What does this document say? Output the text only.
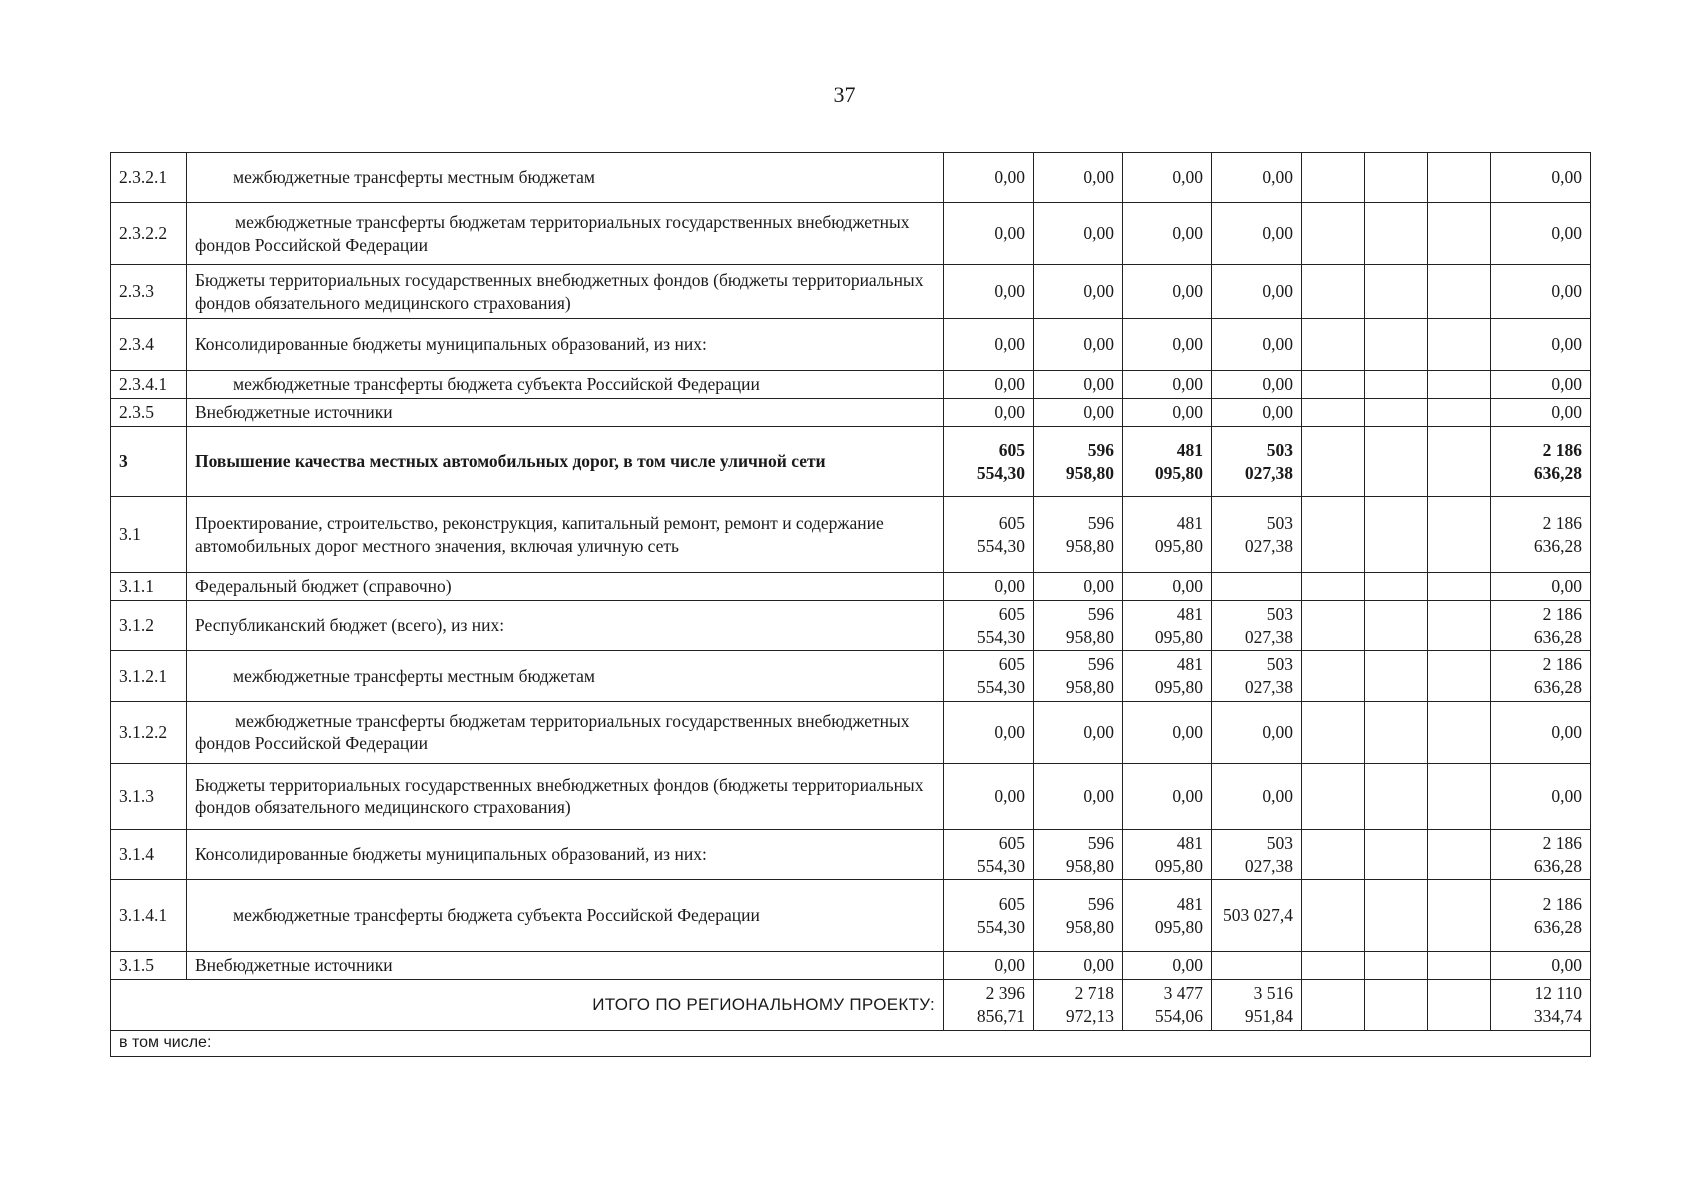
37
2.3.2.1	межбюджетные трансферты местным бюджетам	0,00	0,00	0,00	0,00				0,00
2.3.2.2	межбюджетные трансферты бюджетам территориальных государственных внебюджетных фондов Российской Федерации	0,00	0,00	0,00	0,00				0,00
2.3.3	Бюджеты территориальных государственных внебюджетных фондов (бюджеты территориальных фондов обязательного медицинского страхования)	0,00	0,00	0,00	0,00				0,00
2.3.4	Консолидированные бюджеты муниципальных образований, из них:	0,00	0,00	0,00	0,00				0,00
2.3.4.1	межбюджетные трансферты бюджета субъекта Российской Федерации	0,00	0,00	0,00	0,00				0,00
2.3.5	Внебюджетные источники	0,00	0,00	0,00	0,00				0,00
3	Повышение качества местных автомобильных дорог, в том числе уличной сети	605 554,30	596 958,80	481 095,80	503 027,38				2 186 636,28
3.1	Проектирование, строительство, реконструкция, капитальный ремонт, ремонт и содержание автомобильных дорог местного значения, включая уличную сеть	605 554,30	596 958,80	481 095,80	503 027,38				2 186 636,28
3.1.1	Федеральный бюджет (справочно)	0,00	0,00	0,00					0,00
3.1.2	Республиканский бюджет (всего), из них:	605 554,30	596 958,80	481 095,80	503 027,38				2 186 636,28
3.1.2.1	межбюджетные трансферты местным бюджетам	605 554,30	596 958,80	481 095,80	503 027,38				2 186 636,28
3.1.2.2	межбюджетные трансферты бюджетам территориальных государственных внебюджетных фондов Российской Федерации	0,00	0,00	0,00	0,00				0,00
3.1.3	Бюджеты территориальных государственных внебюджетных фондов (бюджеты территориальных фондов обязательного медицинского страхования)	0,00	0,00	0,00	0,00				0,00
3.1.4	Консолидированные бюджеты муниципальных образований, из них:	605 554,30	596 958,80	481 095,80	503 027,38				2 186 636,28
3.1.4.1	межбюджетные трансферты бюджета субъекта Российской Федерации	605 554,30	596 958,80	481 095,80	503 027,4				2 186 636,28
3.1.5	Внебюджетные источники	0,00	0,00	0,00					0,00
ИТОГО ПО РЕГИОНАЛЬНОМУ ПРОЕКТУ:		2 396 856,71	2 718 972,13	3 477 554,06	3 516 951,84				12 110 334,74
в том числе:									
